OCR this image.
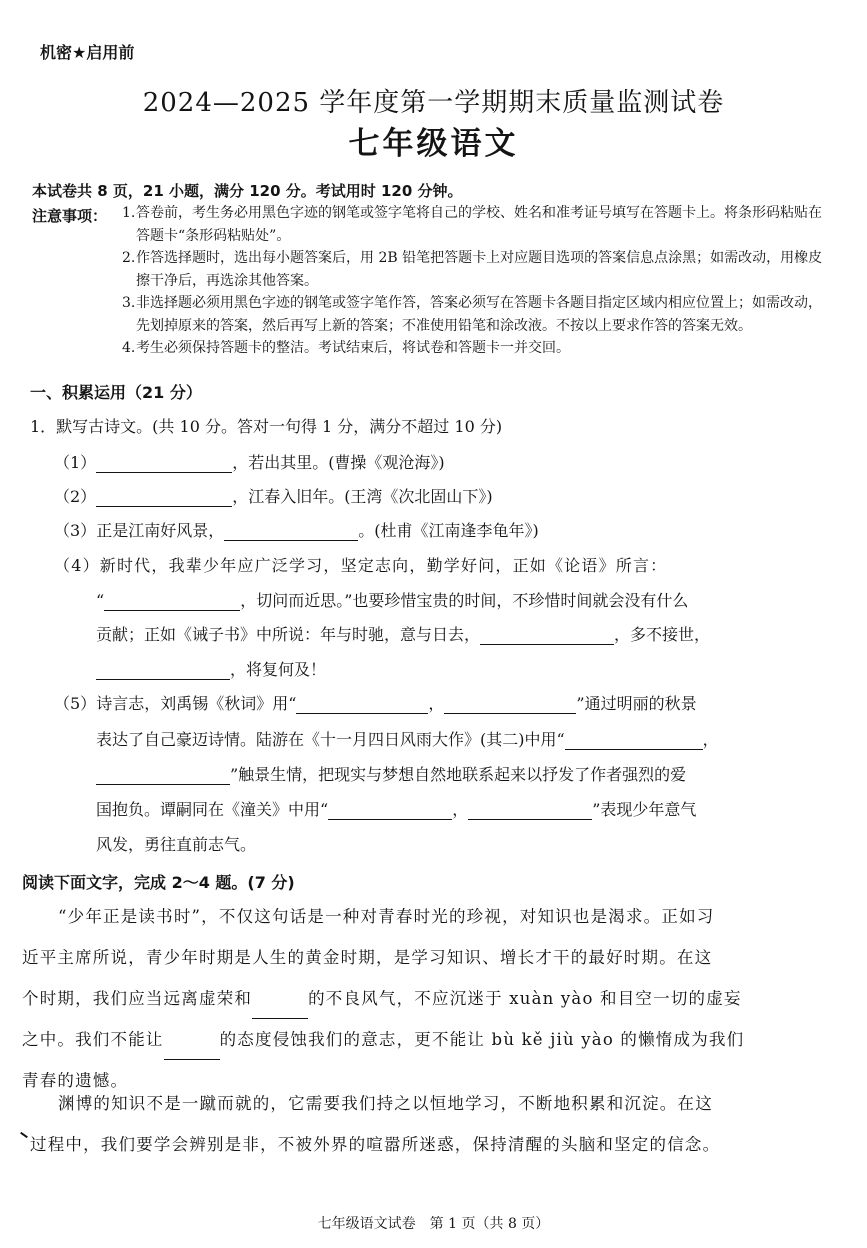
机密★启用前
2024—2025 学年度第一学期期末质量监测试卷
七年级语文
本试卷共 8 页，21 小题，满分 120 分。考试用时 120 分钟。
注意事项： 1. 答卷前，考生务必用黑色字迹的钢笔或签字笔将自己的学校、姓名和准考证号填写在答题卡上。将条形码粘贴在答题卡“条形码粘贴处”。
2. 作答选择题时，选出每小题答案后，用 2B 铅笔把答题卡上对应题目选项的答案信息点涂黑；如需改动，用橡皮擦干净后，再选涂其他答案。
3. 非选择题必须用黑色字迹的钢笔或签字笔作答，答案必须写在答题卡各题目指定区域内相应位置上；如需改动，先划掉原来的答案，然后再写上新的答案；不准使用铅笔和涂改液。不按以上要求作答的答案无效。
4. 考生必须保持答题卡的整洁。考试结束后，将试卷和答题卡一并交回。
一、积累运用（21 分）
1．默写古诗文。(共 10 分。答对一句得 1 分，满分不超过 10 分)
（1）	，若出其里。(曹操《观沧海》)
（2）	，江春入旧年。(王湾《次北固山下》)
（3）正是江南好风景，	。(杜甫《江南逢李龟年》)
（4）新时代，我辈少年应广泛学习，坚定志向，勤学好问，正如《论语》所言：
“	，切问而近思。”也要珍惜宝贵的时间，不珍惜时间就会没有什么
贡献；正如《诫子书》中所说：年与时驰，意与日去，	，多不接世，
，将复何及！
（5）诗言志，刘禹锡《秋词》用“	，	”通过明丽的秋景
表达了自己豪迈诗情。陆游在《十一月四日风雨大作》(其二)中用“	，
”触景生情，把现实与梦想自然地联系起来以抒发了作者强烈的爱
国抱负。谭嗣同在《潼关》中用“	，	”表现少年意气
风发，勇往直前志气。
阅读下面文字，完成 2～4 题。(7 分)
“少年正是读书时”，不仅这句话是一种对青春时光的珍视，对知识也是渴求。正如习
近平主席所说，青少年时期是人生的黄金时期，是学习知识、增长才干的最好时期。在这
个时期，我们应当远离虚荣和	的不良风气，不应沉迷于 xuàn yào 和目空一切的虚妄
之中。我们不能让	的态度侵蚀我们的意志，更不能让 bù kě jiù yào 的懒惰成为我们
青春的遗憾。
渊博的知识不是一蹴而就的，它需要我们持之以恒地学习，不断地积累和沉淀。在这
过程中，我们要学会辨别是非，不被外界的喧嚣所迷惑，保持清醒的头脑和坚定的信念。
七年级语文试卷　第 1 页（共 8 页）
